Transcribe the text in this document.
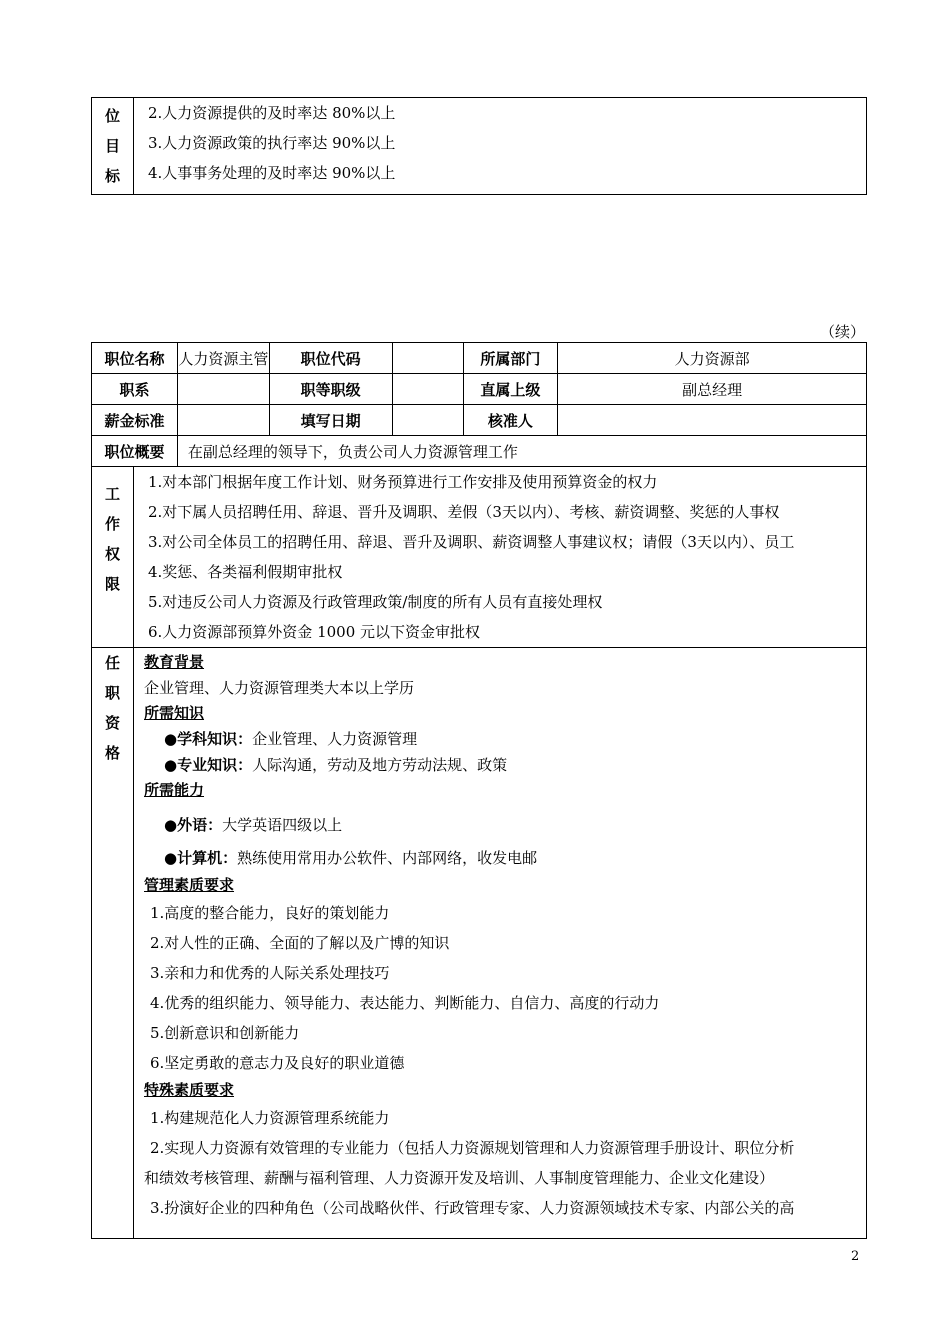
位
目
标

2.人力资源提供的及时率达 80%以上
3.人力资源政策的执行率达 90%以上
4.人事事务处理的及时率达 90%以上
（续）
职位名称	人力资源主管	职位代码		所属部门	人力资源部
职系		职等职级		直属上级	副总经理
薪金标准		填写日期		核准人	
职位概要	在副总经理的领导下，负责公司人力资源管理工作

工
作
权
限

1.对本部门根据年度工作计划、财务预算进行工作安排及使用预算资金的权力
2.对下属人员招聘任用、辞退、晋升及调职、差假（3天以内）、考核、薪资调整、奖惩的人事权
3.对公司全体员工的招聘任用、辞退、晋升及调职、薪资调整人事建议权；请假（3天以内）、员工
4.奖惩、各类福利假期审批权
5.对违反公司人力资源及行政管理政策/制度的所有人员有直接处理权
6.人力资源部预算外资金 1000 元以下资金审批权

任
职
资
格

教育背景
企业管理、人力资源管理类大本以上学历
所需知识
●学科知识：企业管理、人力资源管理
●专业知识：人际沟通，劳动及地方劳动法规、政策
所需能力
●外语：大学英语四级以上
●计算机：熟练使用常用办公软件、内部网络，收发电邮
管理素质要求
1.高度的整合能力，良好的策划能力
2.对人性的正确、全面的了解以及广博的知识
3.亲和力和优秀的人际关系处理技巧
4.优秀的组织能力、领导能力、表达能力、判断能力、自信力、高度的行动力
5.创新意识和创新能力
6.坚定勇敢的意志力及良好的职业道德
特殊素质要求
1.构建规范化人力资源管理系统能力
2.实现人力资源有效管理的专业能力（包括人力资源规划管理和人力资源管理手册设计、职位分析
和绩效考核管理、薪酬与福利管理、人力资源开发及培训、人事制度管理能力、企业文化建设）
3.扮演好企业的四种角色（公司战略伙伴、行政管理专家、人力资源领域技术专家、内部公关的高
2
